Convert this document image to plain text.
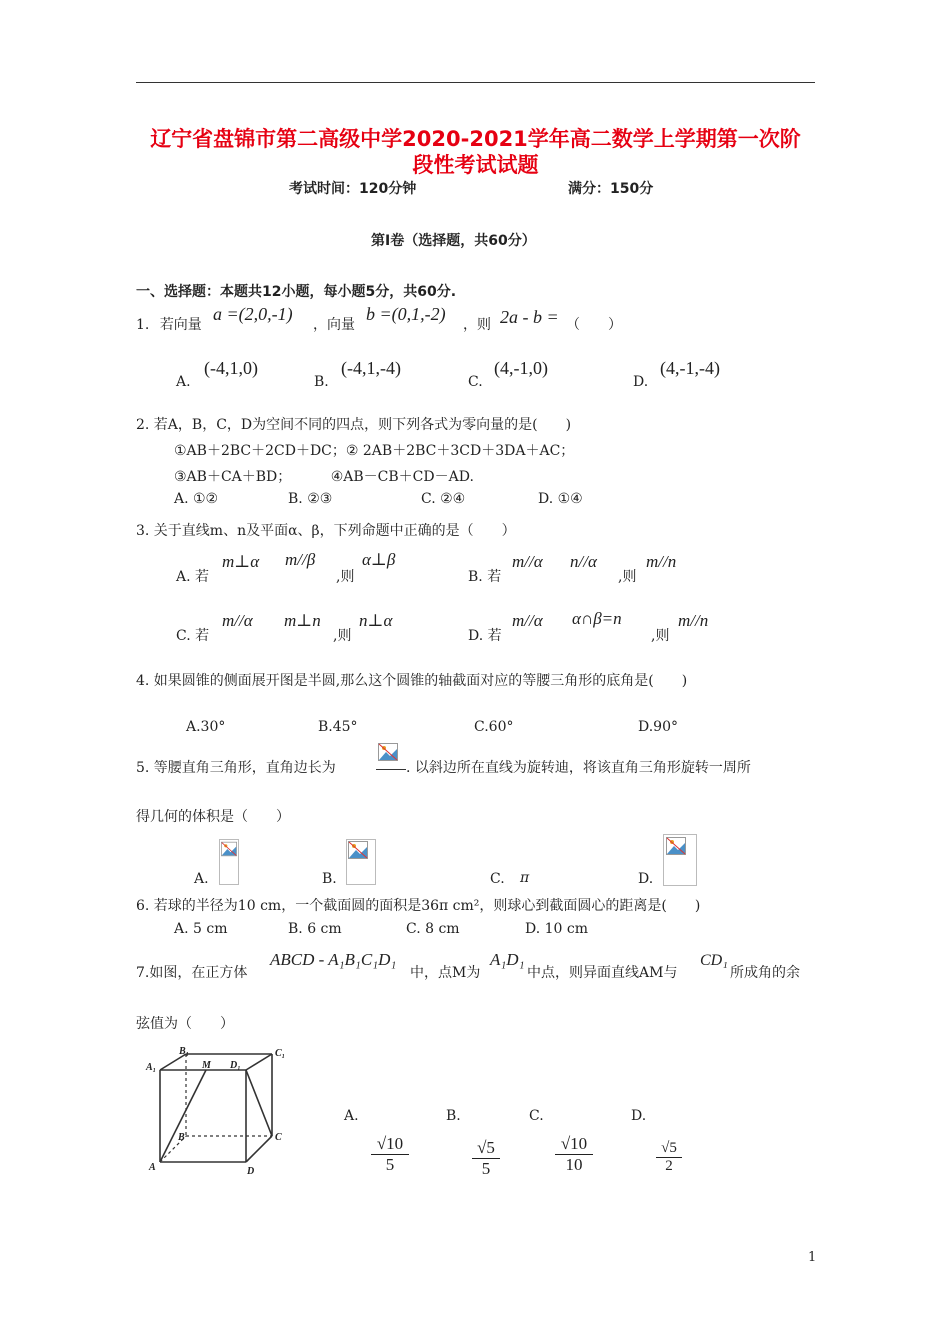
辽宁省盘锦市第二高级中学2020-2021学年高二数学上学期第一次阶
段性考试试题
考试时间：120分钟	满分：150分
第Ⅰ卷（选择题，共60分）
一、选择题：本题共12小题，每小题5分，共60分.
1. 若向量
a =(2,0,-1)
，向量
b =(0,1,-2)
，则 2a - b = （　　）
A.
(-4,1,0)
B.
(-4,1,-4)
C.
(4,-1,0)
D.
(4,-1,-4)
2. 若A，B，C，D为空间不同的四点，则下列各式为零向量的是(　　)
①AB＋2BC＋2CD＋DC；② 2AB＋2BC＋3CD＋3DA＋AC；
③AB＋CA＋BD；　　　 ④AB－CB＋CD－AD.
A. ①②	B. ②③	C. ②④	D. ①④
3. 关于直线m、n及平面α、β，下列命题中正确的是（　　）
A. 若
m⊥α m//β
,则
α⊥β
B. 若
m//α n//α
,则
m//n
C. 若
m//α m⊥n
,则
n⊥α
D. 若
m//α α∩β=n
,则
m//n
4. 如果圆锥的侧面展开图是半圆,那么这个圆锥的轴截面对应的等腰三角形的底角是(　　)
A.30°	B.45°	C.60°	D.90°
5. 等腰直角三角形，直角边长为	. 以斜边所在直线为旋转迪，将该直角三角形旋转一周所
得几何的体积是（　　）
A.	B.	C. π	D.
6. 若球的半径为10 cm，一个截面圆的面积是36π cm²，则球心到截面圆心的距离是(　　)
A. 5 cm	B. 6 cm	C. 8 cm	D. 10 cm
7.如图，在正方体
ABCD - A₁B₁C₁D₁
中，点M为
A₁D₁
中点，则异面直线AM与
CD₁
所成角的余
弦值为（　　）
B₁	C₁
A₁	M D₁
B	C
A	D
A.	B.	C.	D.
$\frac{√10}{5}$	$\frac{√5}{5}$	$\frac{√10}{10}$	$\frac{√5}{2}$
1
